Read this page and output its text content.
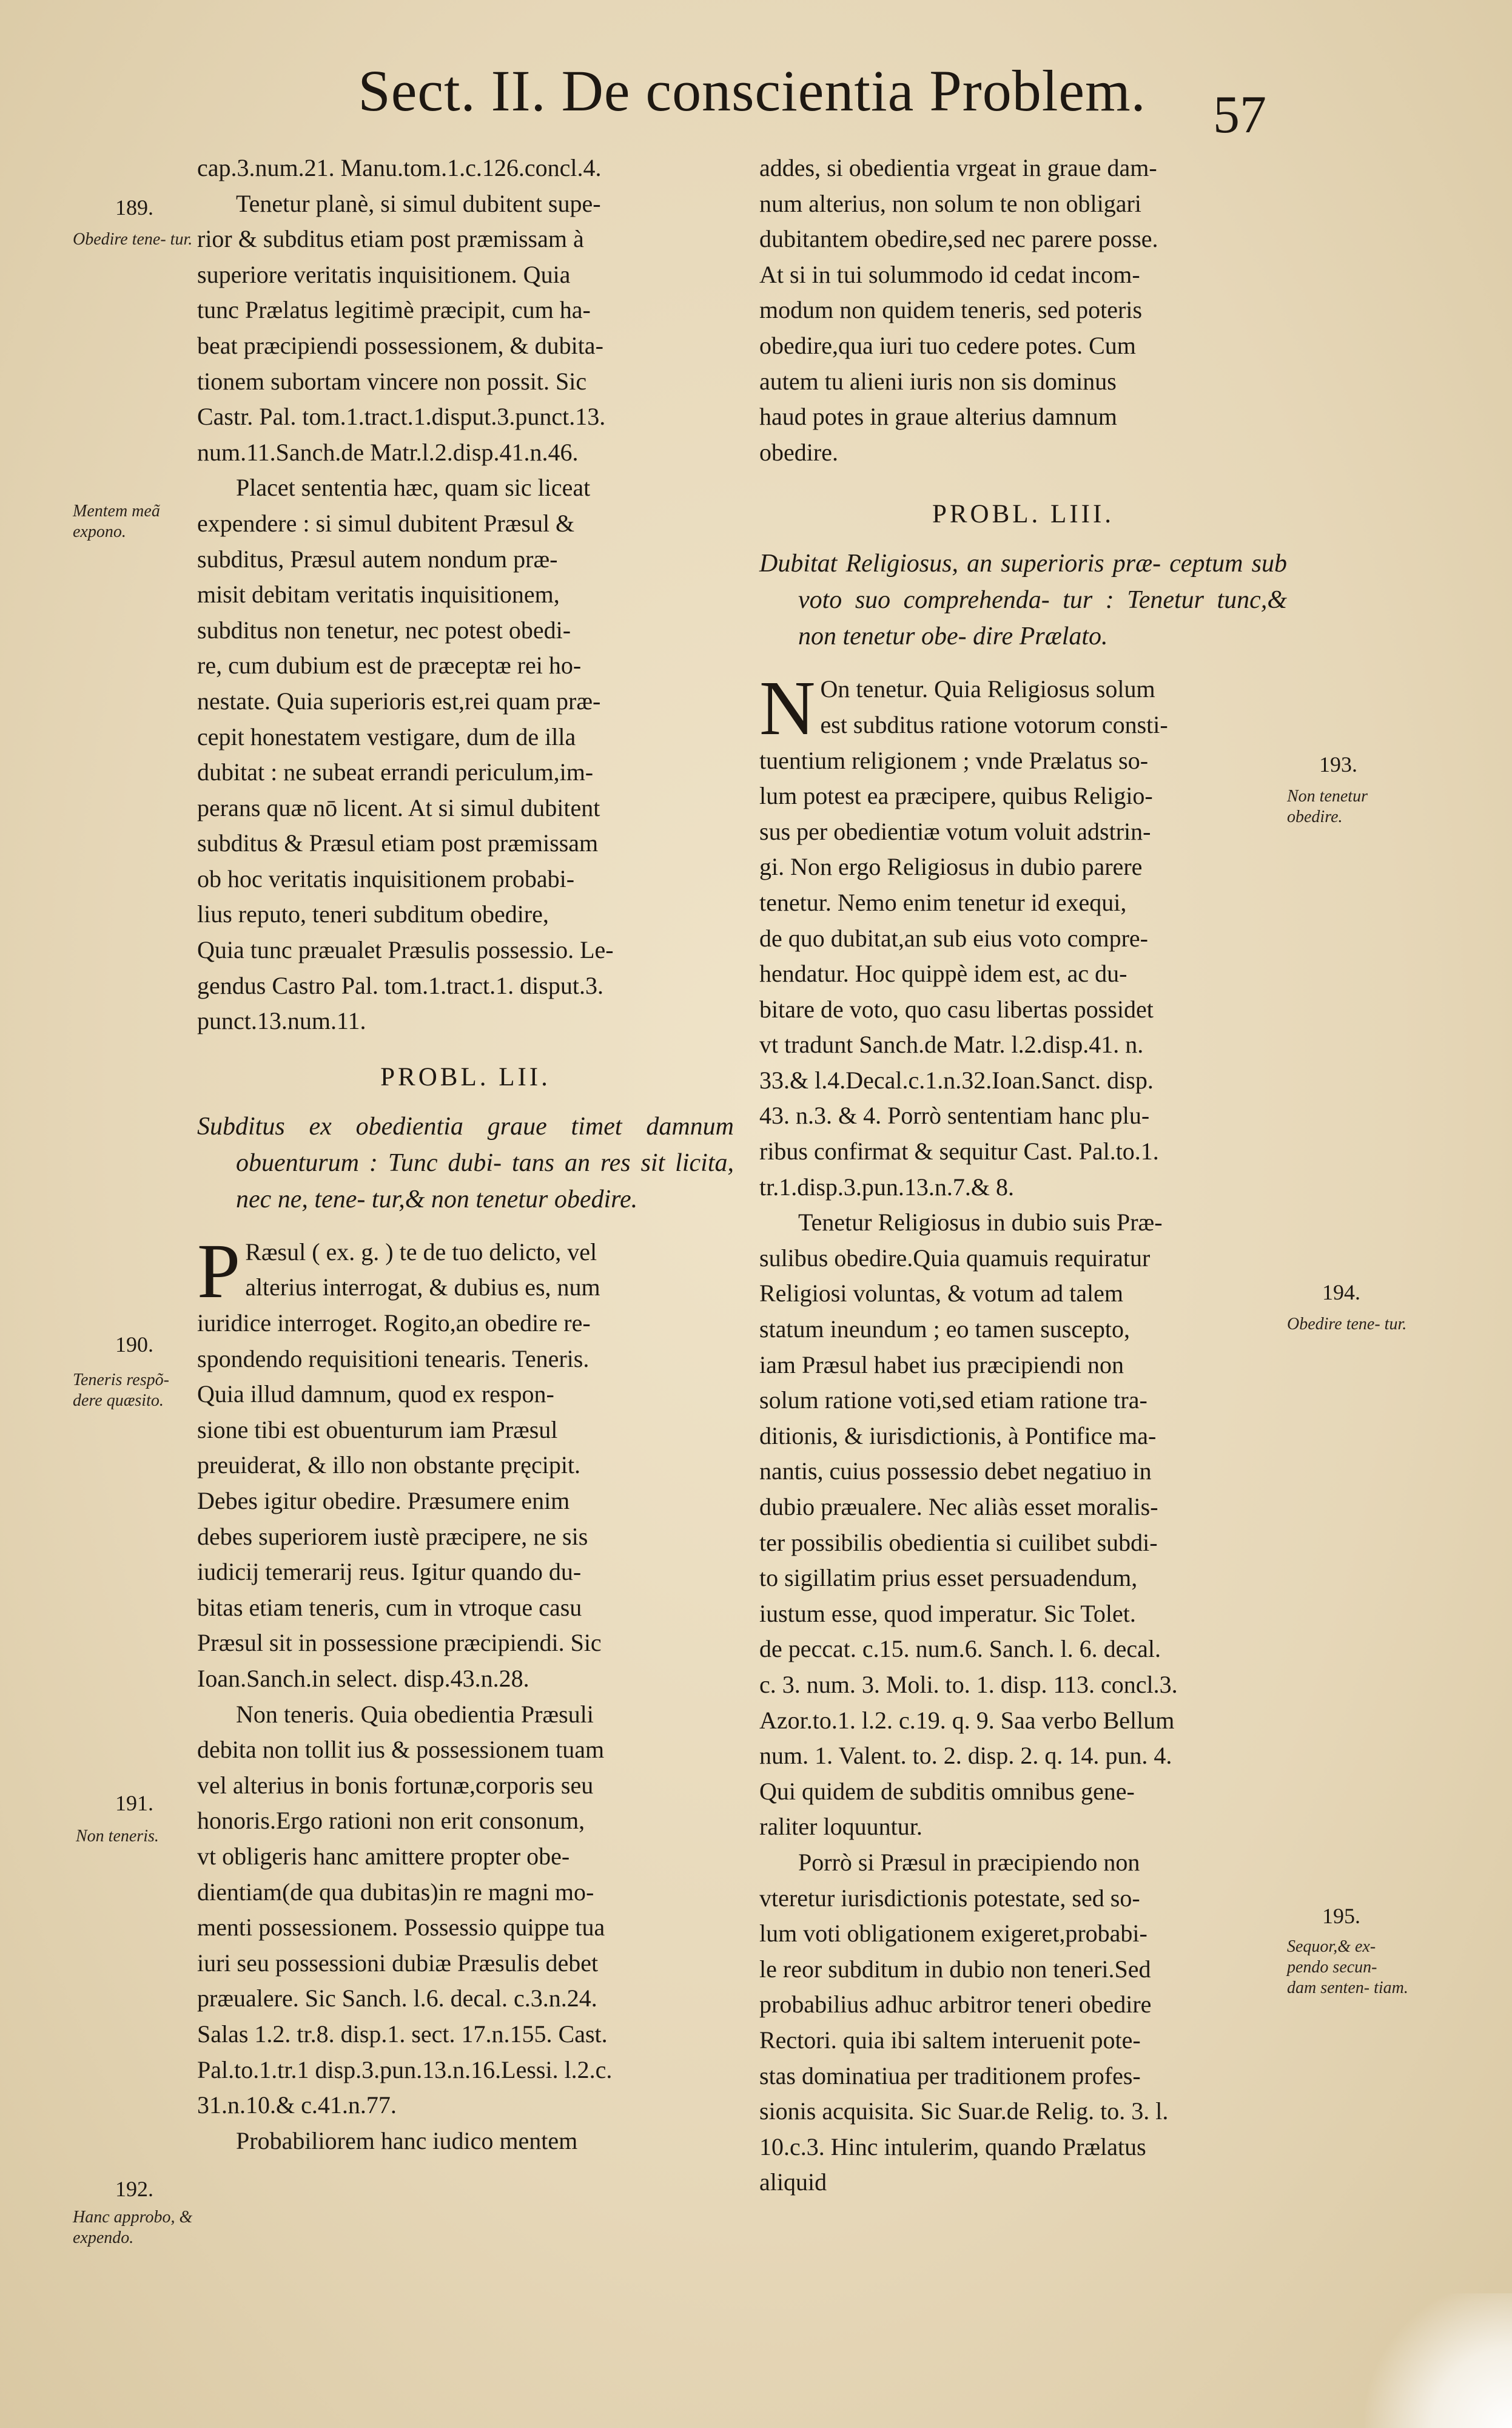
Sect. II. De conscientia Problem.	57
cap.3.num.21. Manu.tom.1.c.126.concl.4.
Tenetur planè, si simul dubitent supe-
rior & subditus etiam post præmissam à
superiore veritatis inquisitionem. Quia
tunc Prælatus legitimè præcipit, cum ha-
beat præcipiendi possessionem, & dubita-
tionem subortam vincere non possit. Sic
Castr. Pal. tom.1.tract.1.disput.3.punct.13.
num.11.Sanch.de Matr.l.2.disp.41.n.46.
Placet sententia hæc, quam sic liceat
expendere : si simul dubitent Præsul &
subditus, Præsul autem nondum præ-
misit debitam veritatis inquisitionem,
subditus non tenetur, nec potest obedi-
re, cum dubium est de præceptæ rei ho-
nestate. Quia superioris est,rei quam præ-
cepit honestatem vestigare, dum de illa
dubitat : ne subeat errandi periculum,im-
perans quæ nō licent. At si simul dubitent
subditus & Præsul etiam post præmissam
ob hoc veritatis inquisitionem probabi-
lius reputo, teneri subditum obedire,
Quia tunc præualet Præsulis possessio. Le-
gendus Castro Pal. tom.1.tract.1. disput.3.
punct.13.num.11.
PROBL. LII.
Subditus ex obedientia graue timet damnum obuenturum : Tunc dubi- tans an res sit licita, nec ne, tene- tur,& non tenetur obedire.
P Ræsul ( ex. g. ) te de tuo delicto, vel
alterius interrogat, & dubius es, num
iuridice interroget. Rogito,an obedire re-
spondendo requisitioni tenearis. Teneris.
Quia illud damnum, quod ex respon-
sione tibi est obuenturum iam Præsul
preuiderat, & illo non obstante pręcipit.
Debes igitur obedire. Præsumere enim
debes superiorem iustè præcipere, ne sis
iudicij temerarij reus. Igitur quando du-
bitas etiam teneris, cum in vtroque casu
Præsul sit in possessione præcipiendi. Sic
Ioan.Sanch.in select. disp.43.n.28.
Non teneris. Quia obedientia Præsuli
debita non tollit ius & possessionem tuam
vel alterius in bonis fortunæ,corporis seu
honoris.Ergo rationi non erit consonum,
vt obligeris hanc amittere propter obe-
dientiam(de qua dubitas)in re magni mo-
menti possessionem. Possessio quippe tua
iuri seu possessioni dubiæ Præsulis debet
præualere. Sic Sanch. l.6. decal. c.3.n.24.
Salas 1.2. tr.8. disp.1. sect. 17.n.155. Cast.
Pal.to.1.tr.1 disp.3.pun.13.n.16.Lessi. l.2.c.
31.n.10.& c.41.n.77.
Probabiliorem hanc iudico mentem
addes, si obedientia vrgeat in graue dam-
num alterius, non solum te non obligari
dubitantem obedire,sed nec parere posse.
At si in tui solummodo id cedat incom-
modum non quidem teneris, sed poteris
obedire,qua iuri tuo cedere potes. Cum
autem tu alieni iuris non sis dominus
haud potes in graue alterius damnum
obedire.
PROBL. LIII.
Dubitat Religiosus, an superioris præ- ceptum sub voto suo comprehenda- tur : Tenetur tunc,& non tenetur obe- dire Prælato.
N On tenetur. Quia Religiosus solum
est subditus ratione votorum consti-
tuentium religionem ; vnde Prælatus so-
lum potest ea præcipere, quibus Religio-
sus per obedientiæ votum voluit adstrin-
gi. Non ergo Religiosus in dubio parere
tenetur. Nemo enim tenetur id exequi,
de quo dubitat,an sub eius voto compre-
hendatur. Hoc quippè idem est, ac du-
bitare de voto, quo casu libertas possidet
vt tradunt Sanch.de Matr. l.2.disp.41. n.
33.& l.4.Decal.c.1.n.32.Ioan.Sanct. disp.
43. n.3. & 4. Porrò sententiam hanc plu-
ribus confirmat & sequitur Cast. Pal.to.1.
tr.1.disp.3.pun.13.n.7.& 8.
Tenetur Religiosus in dubio suis Præ-
sulibus obedire.Quia quamuis requiratur
Religiosi voluntas, & votum ad talem
statum ineundum ; eo tamen suscepto,
iam Præsul habet ius præcipiendi non
solum ratione voti,sed etiam ratione tra-
ditionis, & iurisdictionis, à Pontifice ma-
nantis, cuius possessio debet negatiuo in
dubio præualere. Nec aliàs esset moralis-
ter possibilis obedientia si cuilibet subdi-
to sigillatim prius esset persuadendum,
iustum esse, quod imperatur. Sic Tolet.
de peccat. c.15. num.6. Sanch. l. 6. decal.
c. 3. num. 3. Moli. to. 1. disp. 113. concl.3.
Azor.to.1. l.2. c.19. q. 9. Saa verbo Bellum
num. 1. Valent. to. 2. disp. 2. q. 14. pun. 4.
Qui quidem de subditis omnibus gene-
raliter loquuntur.
Porrò si Præsul in præcipiendo non
vteretur iurisdictionis potestate, sed so-
lum voti obligationem exigeret,probabi-
le reor subditum in dubio non teneri.Sed
probabilius adhuc arbitror teneri obedire
Rectori. quia ibi saltem interuenit pote-
stas dominatiua per traditionem profes-
sionis acquisita. Sic Suar.de Relig. to. 3. l.
10.c.3. Hinc intulerim, quando Prælatus
aliquid
189.
Obedire tene- tur.
Mentem meã expono.
190.
Teneris respõ- dere quæsito.
191.
Non teneris.
192.
Hanc approbo, & expendo.
193.
Non tenetur obedire.
194.
Obedire tene- tur.
195.
Sequor,& ex- pendo secun- dam senten- tiam.
